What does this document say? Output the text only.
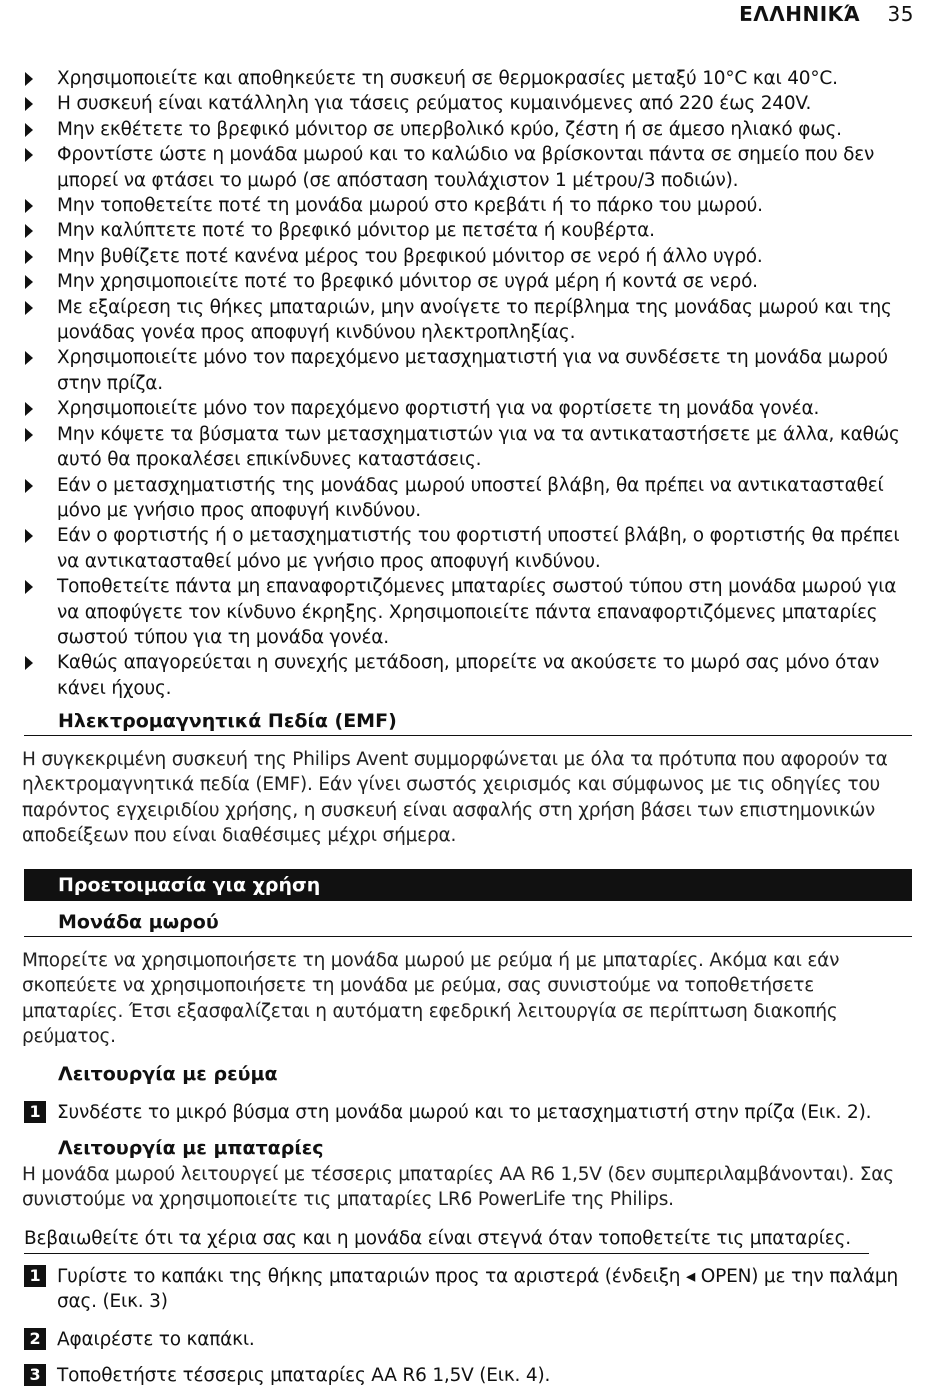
ΕΛΛΗΝΙΚΆ 35
Χρησιμοποιείτε και αποθηκεύετε τη συσκευή σε θερμοκρασίες μεταξύ 10°C και 40°C.
Η συσκευή είναι κατάλληλη για τάσεις ρεύματος κυμαινόμενες από 220 έως 240V.
Μην εκθέτετε το βρεφικό μόνιτορ σε υπερβολικό κρύο, ζέστη ή σε άμεσο ηλιακό φως.
Φροντίστε ώστε η μονάδα μωρού και το καλώδιο να βρίσκονται πάντα σε σημείο που δεν μπορεί να φτάσει το μωρό (σε απόσταση τουλάχιστον 1 μέτρου/3 ποδιών).
Μην τοποθετείτε ποτέ τη μονάδα μωρού στο κρεβάτι ή το πάρκο του μωρού.
Μην καλύπτετε ποτέ το βρεφικό μόνιτορ με πετσέτα ή κουβέρτα.
Μην βυθίζετε ποτέ κανένα μέρος του βρεφικού μόνιτορ σε νερό ή άλλο υγρό.
Μην χρησιμοποιείτε ποτέ το βρεφικό μόνιτορ σε υγρά μέρη ή κοντά σε νερό.
Με εξαίρεση τις θήκες μπαταριών, μην ανοίγετε το περίβλημα της μονάδας μωρού και της μονάδας γονέα προς αποφυγή κινδύνου ηλεκτροπληξίας.
Χρησιμοποιείτε μόνο τον παρεχόμενο μετασχηματιστή για να συνδέσετε τη μονάδα μωρού στην πρίζα.
Χρησιμοποιείτε μόνο τον παρεχόμενο φορτιστή για να φορτίσετε τη μονάδα γονέα.
Μην κόψετε τα βύσματα των μετασχηματιστών για να τα αντικαταστήσετε με άλλα, καθώς αυτό θα προκαλέσει επικίνδυνες καταστάσεις.
Εάν ο μετασχηματιστής της μονάδας μωρού υποστεί βλάβη, θα πρέπει να αντικατασταθεί μόνο με γνήσιο προς αποφυγή κινδύνου.
Εάν ο φορτιστής ή ο μετασχηματιστής του φορτιστή υποστεί βλάβη, ο φορτιστής θα πρέπει να αντικατασταθεί μόνο με γνήσιο προς αποφυγή κινδύνου.
Τοποθετείτε πάντα μη επαναφορτιζόμενες μπαταρίες σωστού τύπου στη μονάδα μωρού για να αποφύγετε τον κίνδυνο έκρηξης. Χρησιμοποιείτε πάντα επαναφορτιζόμενες μπαταρίες σωστού τύπου για τη μονάδα γονέα.
Καθώς απαγορεύεται η συνεχής μετάδοση, μπορείτε να ακούσετε το μωρό σας μόνο όταν κάνει ήχους.
Ηλεκτρομαγνητικά Πεδία (EMF)
Η συγκεκριμένη συσκευή της Philips Avent συμμορφώνεται με όλα τα πρότυπα που αφορούν τα ηλεκτρομαγνητικά πεδία (EMF). Εάν γίνει σωστός χειρισμός και σύμφωνος με τις οδηγίες του παρόντος εγχειριδίου χρήσης, η συσκευή είναι ασφαλής στη χρήση βάσει των επιστημονικών αποδείξεων που είναι διαθέσιμες μέχρι σήμερα.
Προετοιμασία για χρήση
Μονάδα μωρού
Μπορείτε να χρησιμοποιήσετε τη μονάδα μωρού με ρεύμα ή με μπαταρίες. Ακόμα και εάν σκοπεύετε να χρησιμοποιήσετε τη μονάδα με ρεύμα, σας συνιστούμε να τοποθετήσετε μπαταρίες. Έτσι εξασφαλίζεται η αυτόματη εφεδρική λειτουργία σε περίπτωση διακοπής ρεύματος.
Λειτουργία με ρεύμα
1 Συνδέστε το μικρό βύσμα στη μονάδα μωρού και το μετασχηματιστή στην πρίζα (Εικ. 2).
Λειτουργία με μπαταρίες
Η μονάδα μωρού λειτουργεί με τέσσερις μπαταρίες AA R6 1,5V (δεν συμπεριλαμβάνονται). Σας συνιστούμε να χρησιμοποιείτε τις μπαταρίες LR6 PowerLife της Philips.
Βεβαιωθείτε ότι τα χέρια σας και η μονάδα είναι στεγνά όταν τοποθετείτε τις μπαταρίες.
1 Γυρίστε το καπάκι της θήκης μπαταριών προς τα αριστερά (ένδειξη ◂ OPEN) με την παλάμη σας. (Εικ. 3)
2 Αφαιρέστε το καπάκι.
3 Τοποθετήστε τέσσερις μπαταρίες AA R6 1,5V (Εικ. 4).
